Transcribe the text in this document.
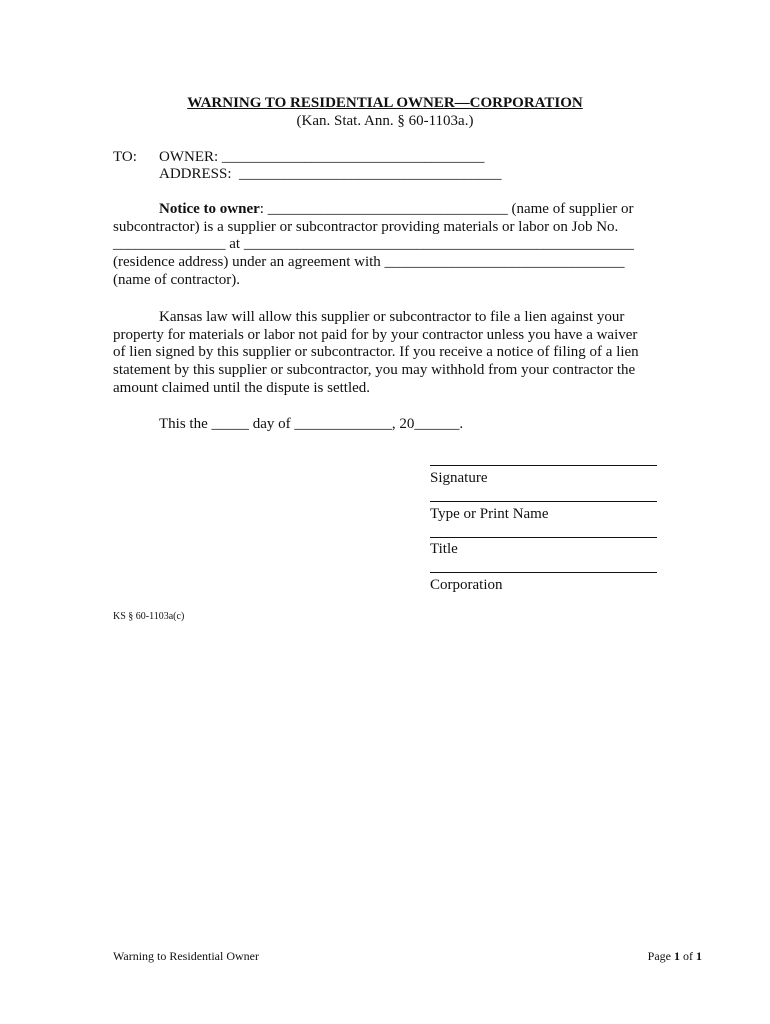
WARNING TO RESIDENTIAL OWNER—CORPORATION
(Kan. Stat. Ann. § 60-1103a.)
TO: OWNER: ___________________________________
ADDRESS:  ___________________________________
Notice to owner: ________________________________ (name of supplier or subcontractor) is a supplier or subcontractor providing materials or labor on Job No. _______________ at ____________________________________________________ (residence address) under an agreement with ________________________________ (name of contractor).
Kansas law will allow this supplier or subcontractor to file a lien against your property for materials or labor not paid for by your contractor unless you have a waiver of lien signed by this supplier or subcontractor. If you receive a notice of filing of a lien statement by this supplier or subcontractor, you may withhold from your contractor the amount claimed until the dispute is settled.
This the _____ day of _____________, 20______.
Signature
Type or Print Name
Title
Corporation
KS § 60-1103a(c)
Warning to Residential Owner	Page 1 of 1
